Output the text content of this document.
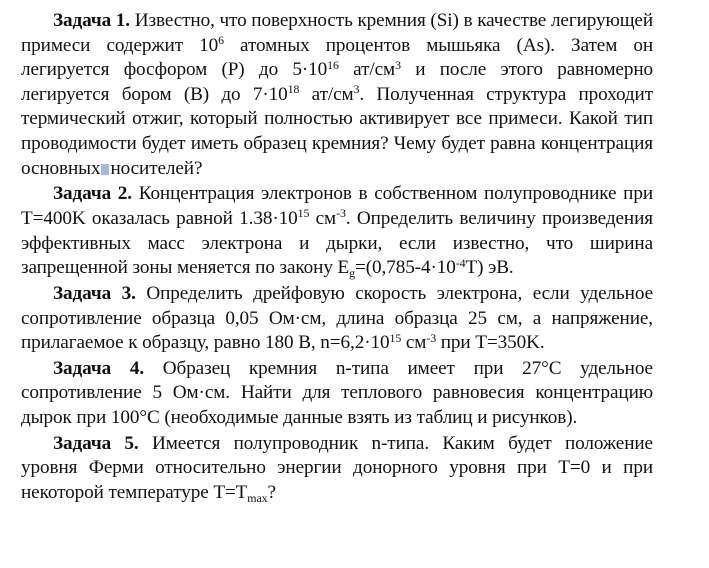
Задача 1. Известно, что поверхность кремния (Si) в качестве легирующей примеси содержит $10^6$ атомных процентов мышьяка (As). Затем он легируется фосфором (P) до $5\cdot 10^{16}$ $ат/см^3$ и после этого равномерно легируется бором (B) до $7\cdot 10^{18}$ $ат/см^3$. Полученная структура проходит термический отжиг, который полностью активирует все примеси. Какой тип проводимости будет иметь образец кремния? Чему будет равна концентрация основных носителей?

Задача 2. Концентрация электронов в собственном полупроводнике при T=400K оказалась равной $1.38\cdot 10^{15}$ $см^{-3}$. Определить величину произведения эффективных масс электрона и дырки, если известно, что ширина запрещенной зоны меняется по закону $E_g=(0,785-4\cdot 10^{-4}T)$ эВ.

Задача 3. Определить дрейфовую скорость электрона, если удельное сопротивление образца 0,05 Ом·см, длина образца 25 см, а напряжение, прилагаемое к образцу, равно 180 В, $n=6,2\cdot 10^{15}$ $см^{-3}$ при T=350K.

Задача 4. Образец кремния n-типа имеет при 27°C удельное сопротивление 5 Ом·см. Найти для теплового равновесия концентрацию дырок при 100°C (необходимые данные взять из таблиц и рисунков).

Задача 5. Имеется полупроводник n-типа. Каким будет положение уровня Ферми относительно энергии донорного уровня при T=0 и при некоторой температуре $T=T_{max}$?
